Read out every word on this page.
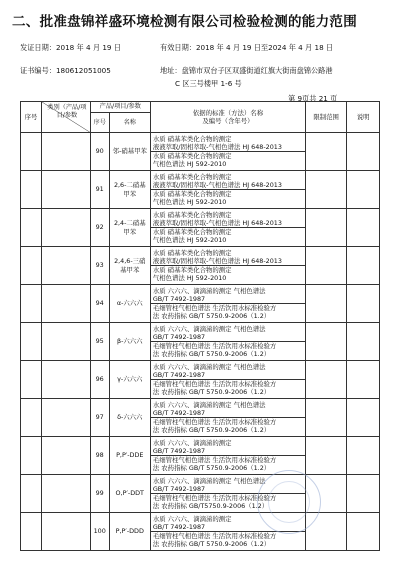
二、批准盘锦祥盛环境检测有限公司检验检测的能力范围
发证日期：2018 年 4 月 19 日	有效日期：2018 年 4 月 19 日至2024 年 4 月 18 日
证书编号：180612051005	地址：盘锦市双台子区双盛街道红旗大街南盘锦公路港
C 区三号楼甲 1-6 号
第 9页共 21 页
序号	类别（产品/项目/参数	产品/项目/参数		依据的标准（方法）名称
及编号（含年号）	限制范围	说明
		序号	名称			
		90	邻-硝基甲苯	水质 硝基苯类化合物的测定
液液萃取/固相萃取-气相色谱法 HJ 648-2013
水质 硝基苯类化合物的测定
气相色谱法 HJ 592-2010		

		91	2,6-二硝基甲苯	水质 硝基苯类化合物的测定
液液萃取/固相萃取-气相色谱法 HJ 648-2013
水质 硝基苯类化合物的测定
气相色谱法 HJ 592-2010		

		92	2,4-二硝基甲苯	水质 硝基苯类化合物的测定
液液萃取/固相萃取-气相色谱法 HJ 648-2013
水质 硝基苯类化合物的测定
气相色谱法 HJ 592-2010		

		93	2,4,6-三硝基甲苯	水质 硝基苯类化合物的测定
液液萃取/固相萃取-气相色谱法 HJ 648-2013
水质 硝基苯类化合物的测定
气相色谱法 HJ 592-2010		

		94	α-六六六	水质 六六六、滴滴涕的测定 气相色谱法
GB/T 7492-1987
毛细管柱气相色谱法 生活饮用水标准检验方
法 农药指标 GB/T 5750.9-2006（1.2）		

		95	β-六六六	水质 六六六、滴滴涕的测定 气相色谱法
GB/T 7492-1987
毛细管柱气相色谱法 生活饮用水标准检验方
法 农药指标 GB/T 5750.9-2006（1.2）		

		96	γ-六六六	水质 六六六、滴滴涕的测定 气相色谱法
GB/T 7492-1987
毛细管柱气相色谱法 生活饮用水标准检验方
法 农药指标 GB/T 5750.9-2006（1.2）		

		97	δ-六六六	水质 六六六、滴滴涕的测定 气相色谱法
GB/T 7492-1987
毛细管柱气相色谱法 生活饮用水标准检验方
法 农药指标 GB/T 5750.9-2006（1.2）		

		98	P,P′-DDE	水质 六六六、滴滴涕的测定
GB/T 7492-1987
毛细管柱气相色谱法 生活饮用水标准检验方
法 农药指标 GB/T 5750.9-2006（1.2）		

		99	O,P′-DDT	水质 六六六、滴滴涕的测定 气相色谱法
GB/T 7492-1987
毛细管柱气相色谱法 生活饮用水标准检验方
法 农药指标 GB/T5750.9-2006（1.2）		

		100	P,P′-DDD	水质 六六六、滴滴涕的测定
GB/T 7492-1987
毛细管柱气相色谱法 生活饮用水标准检验方
法 农药指标 GB/T 5750.9-2006（1.2）		
